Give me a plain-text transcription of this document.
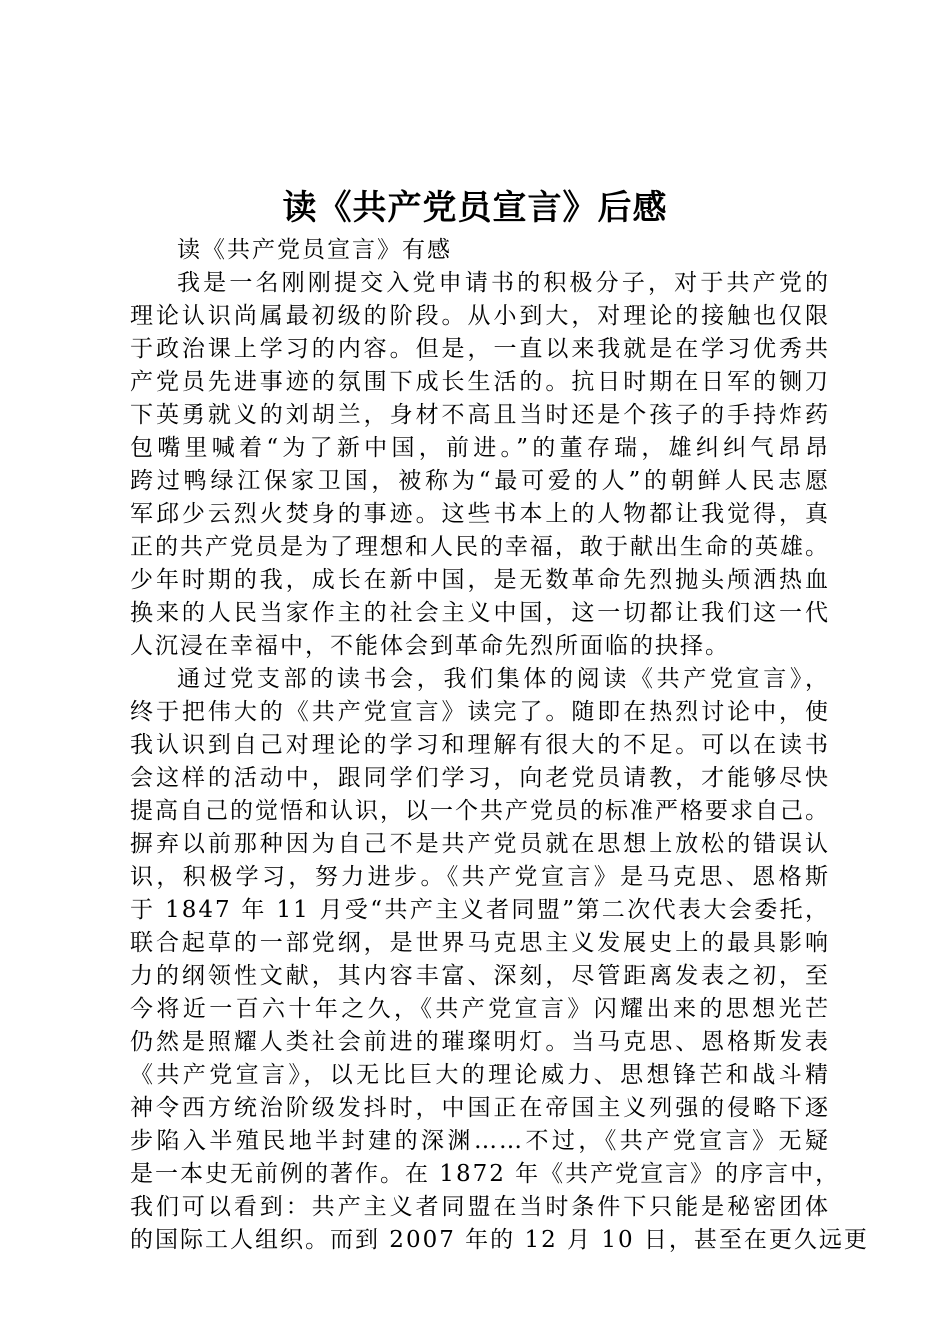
读《共产党员宣言》后感
读《共产党员宣言》有感
我是一名刚刚提交入党申请书的积极分子，对于共产党的
理论认识尚属最初级的阶段。从小到大，对理论的接触也仅限
于政治课上学习的内容。但是，一直以来我就是在学习优秀共
产党员先进事迹的氛围下成长生活的。抗日时期在日军的铡刀
下英勇就义的刘胡兰，身材不高且当时还是个孩子的手持炸药
包嘴里喊着“为了新中国，前进。”的董存瑞，雄纠纠气昂昂
跨过鸭绿江保家卫国，被称为“最可爱的人”的朝鲜人民志愿
军邱少云烈火焚身的事迹。这些书本上的人物都让我觉得，真
正的共产党员是为了理想和人民的幸福，敢于献出生命的英雄。
少年时期的我，成长在新中国，是无数革命先烈抛头颅洒热血
换来的人民当家作主的社会主义中国，这一切都让我们这一代
人沉浸在幸福中，不能体会到革命先烈所面临的抉择。
通过党支部的读书会，我们集体的阅读《共产党宣言》，
终于把伟大的《共产党宣言》读完了。随即在热烈讨论中，使
我认识到自己对理论的学习和理解有很大的不足。可以在读书
会这样的活动中，跟同学们学习，向老党员请教，才能够尽快
提高自己的觉悟和认识，以一个共产党员的标准严格要求自己。
摒弃以前那种因为自己不是共产党员就在思想上放松的错误认
识，积极学习，努力进步。《共产党宣言》是马克思、恩格斯
于 1847 年 11 月受“共产主义者同盟”第二次代表大会委托，
联合起草的一部党纲，是世界马克思主义发展史上的最具影响
力的纲领性文献，其内容丰富、深刻，尽管距离发表之初，至
今将近一百六十年之久，《共产党宣言》闪耀出来的思想光芒
仍然是照耀人类社会前进的璀璨明灯。当马克思、恩格斯发表
《共产党宣言》，以无比巨大的理论威力、思想锋芒和战斗精
神令西方统治阶级发抖时，中国正在帝国主义列强的侵略下逐
步陷入半殖民地半封建的深渊……不过，《共产党宣言》无疑
是一本史无前例的著作。在 1872 年《共产党宣言》的序言中，
我们可以看到：共产主义者同盟在当时条件下只能是秘密团体
的国际工人组织。而到 2007 年的 12 月 10 日，甚至在更久远更
